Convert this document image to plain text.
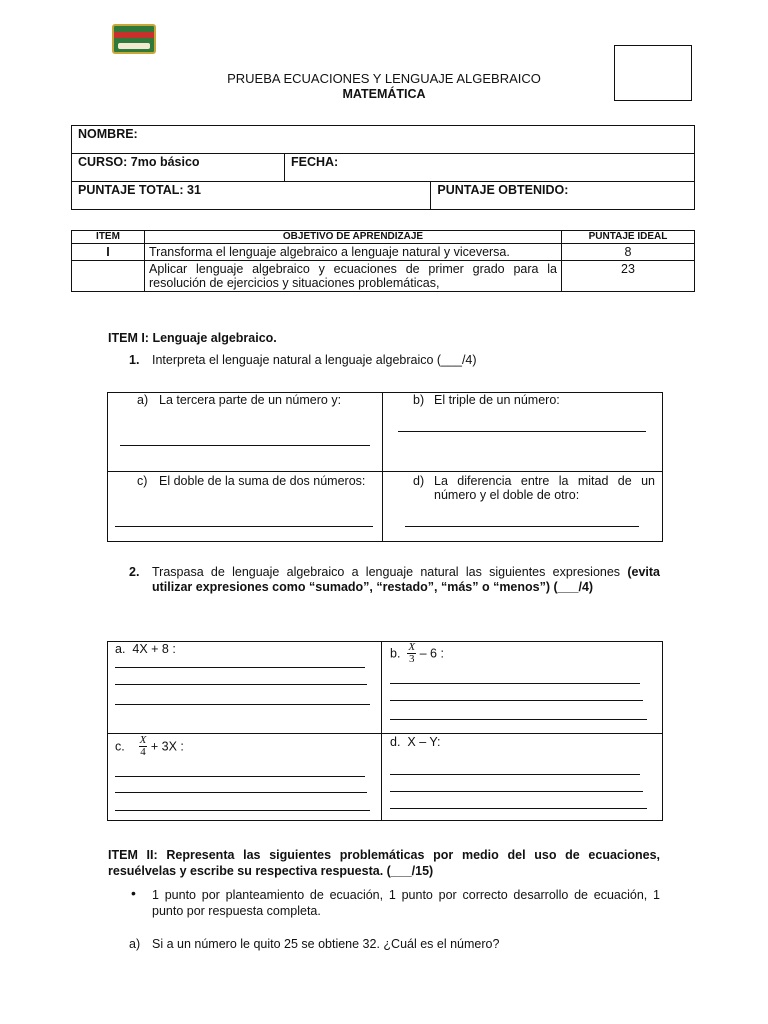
PRUEBA ECUACIONES Y LENGUAJE ALGEBRAICO
MATEMÁTICA
NOMBRE:		
CURSO: 7mo básico	FECHA:	
PUNTAJE TOTAL: 31		PUNTAJE OBTENIDO:
ITEM	OBJETIVO DE APRENDIZAJE	PUNTAJE IDEAL
I	Transforma el lenguaje algebraico a lenguaje natural y viceversa.	8
	Aplicar lenguaje algebraico y ecuaciones de primer grado para la resolución de ejercicios y situaciones problemáticas,	23
ITEM I: Lenguaje algebraico.
1. Interpreta el lenguaje natural a lenguaje algebraico (___/4)
a) La tercera parte de un número y:	b) El triple de un número:
c) El doble de la suma de dos números:	d) La diferencia entre la mitad de un número y el doble de otro:
2. Traspasa de lenguaje algebraico a lenguaje natural las siguientes expresiones (evita utilizar expresiones como “sumado”, “restado”, “más” o “menos”) (___/4)
a. 4X + 8 :	b. $\frac{X}{3} - 6$ :
c. $\frac{X}{4} + 3X$ :	d. X – Y:
ITEM II: Representa las siguientes problemáticas por medio del uso de ecuaciones, resuélvelas y escribe su respectiva respuesta. (___/15)
• 1 punto por planteamiento de ecuación, 1 punto por correcto desarrollo de ecuación, 1 punto por respuesta completa.
a) Si a un número le quito 25 se obtiene 32. ¿Cuál es el número?
